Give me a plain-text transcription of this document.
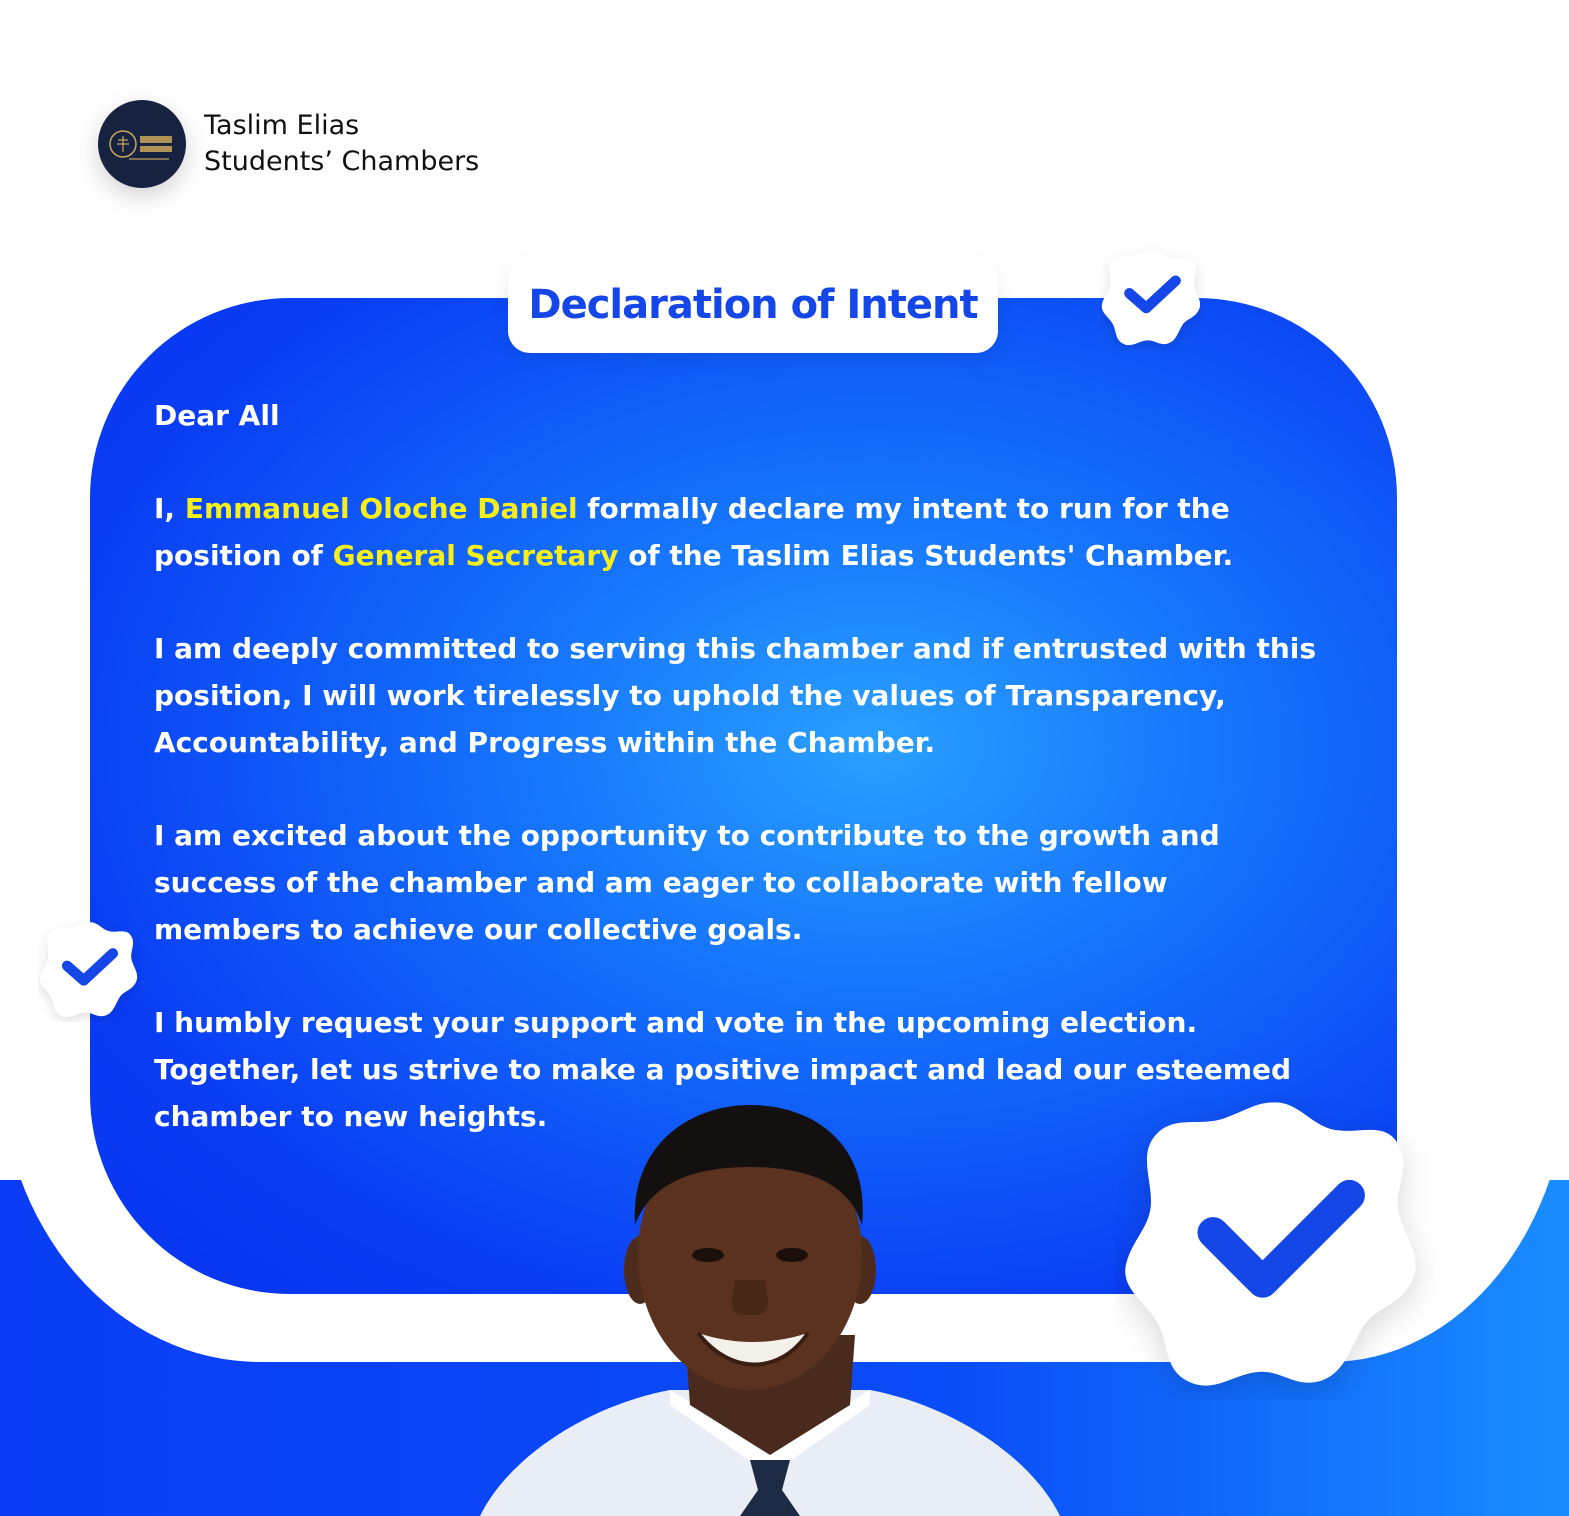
Taslim Elias
Students’ Chambers
Declaration of Intent

Dear All

I, Emmanuel Oloche Daniel formally declare my intent to run for the position of General Secretary of the Taslim Elias Students' Chamber.

I am deeply committed to serving this chamber and if entrusted with this position, I will work tirelessly to uphold the values of Transparency, Accountability, and Progress within the Chamber.

I am excited about the opportunity to contribute to the growth and success of the chamber and am eager to collaborate with fellow members to achieve our collective goals.

I humbly request your support and vote in the upcoming election. Together, let us strive to make a positive impact and lead our esteemed chamber to new heights.
